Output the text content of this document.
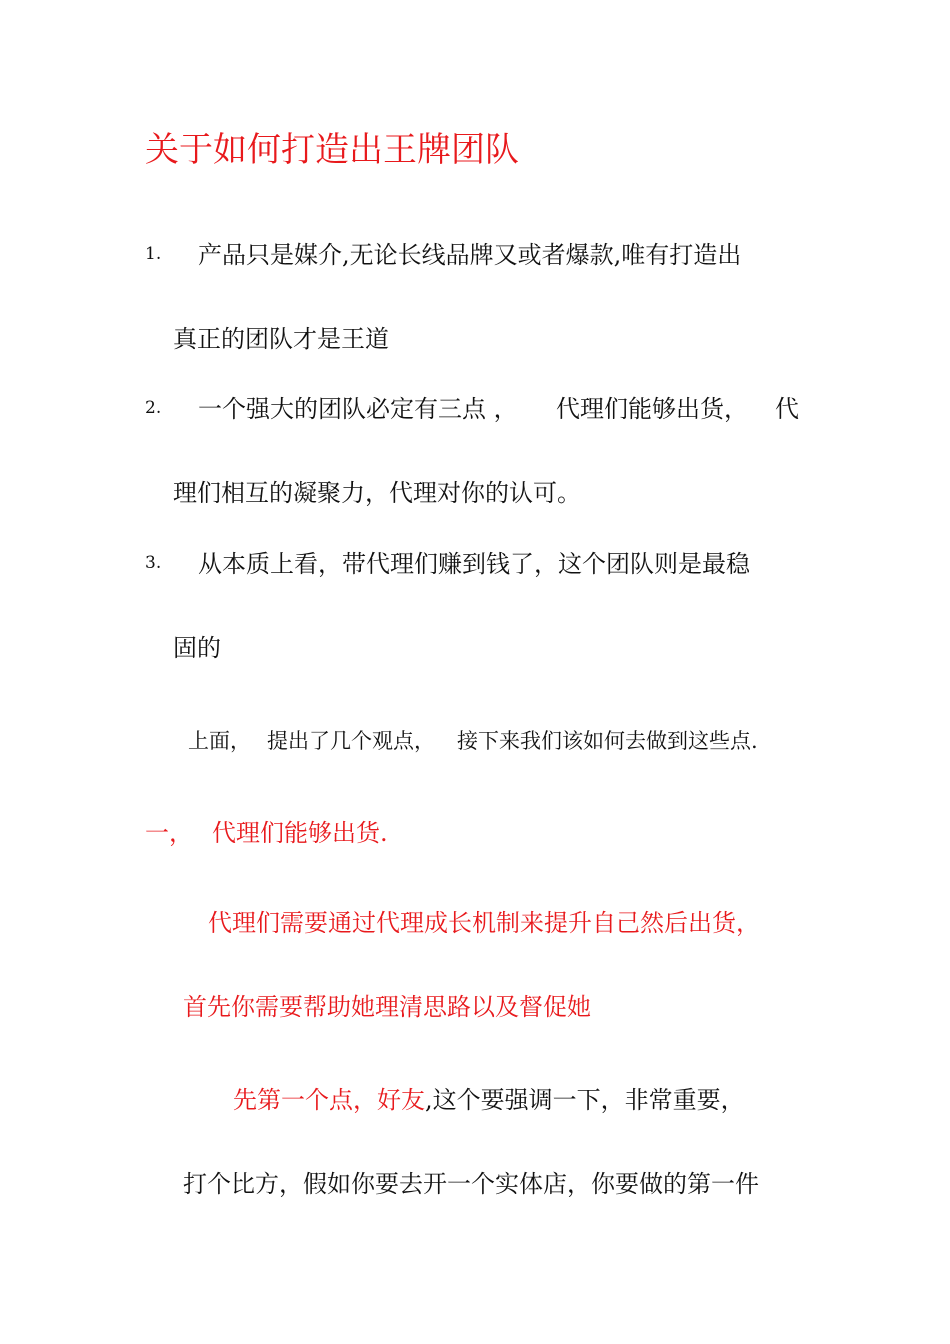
关于如何打造出王牌团队
1. 产品只是媒介,无论长线品牌又或者爆款,唯有打造出
真正的团队才是王道
2. 一个强大的团队必定有三点 ， 代理们能够出货， 代
理们相互的凝聚力，代理对你的认可。
3. 从本质上看，带代理们赚到钱了，这个团队则是最稳
固的
上面， 提出了几个观点， 接下来我们该如何去做到这些点.
一， 代理们能够出货.
代理们需要通过代理成长机制来提升自己然后出货，
首先你需要帮助她理清思路以及督促她
先第一个点，好友,这个要强调一下，非常重要，
打个比方，假如你要去开一个实体店，你要做的第一件
